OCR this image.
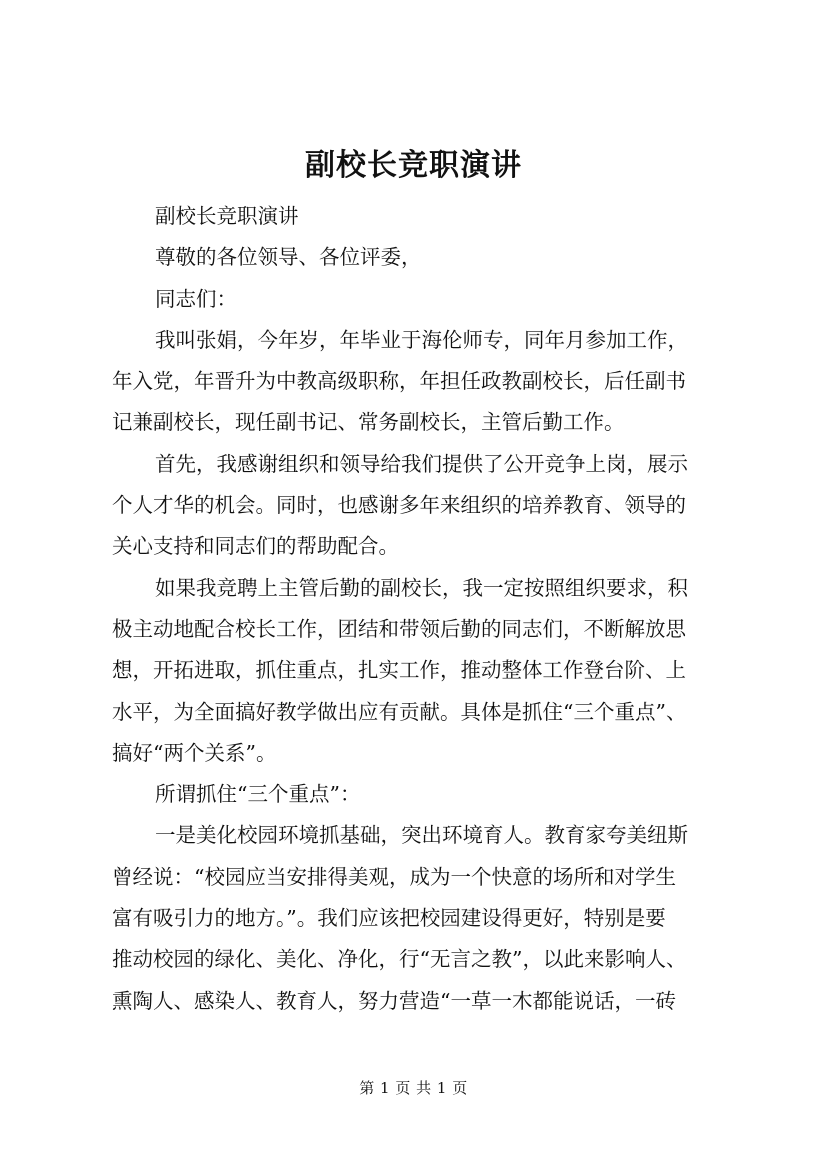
副校长竞职演讲
副校长竞职演讲
尊敬的各位领导、各位评委，
同志们：
我叫张娟，今年岁，年毕业于海伦师专，同年月参加工作，
年入党，年晋升为中教高级职称，年担任政教副校长，后任副书
记兼副校长，现任副书记、常务副校长，主管后勤工作。
首先，我感谢组织和领导给我们提供了公开竞争上岗，展示
个人才华的机会。同时，也感谢多年来组织的培养教育、领导的
关心支持和同志们的帮助配合。
如果我竞聘上主管后勤的副校长，我一定按照组织要求，积
极主动地配合校长工作，团结和带领后勤的同志们，不断解放思
想，开拓进取，抓住重点，扎实工作，推动整体工作登台阶、上
水平，为全面搞好教学做出应有贡献。具体是抓住“三个重点”、
搞好“两个关系”。
所谓抓住“三个重点”：
一是美化校园环境抓基础，突出环境育人。教育家夸美纽斯
曾经说：“校园应当安排得美观，成为一个快意的场所和对学生
富有吸引力的地方。”。我们应该把校园建设得更好，特别是要
推动校园的绿化、美化、净化，行“无言之教”，以此来影响人、
熏陶人、感染人、教育人，努力营造“一草一木都能说话，一砖
第 1 页 共 1 页
